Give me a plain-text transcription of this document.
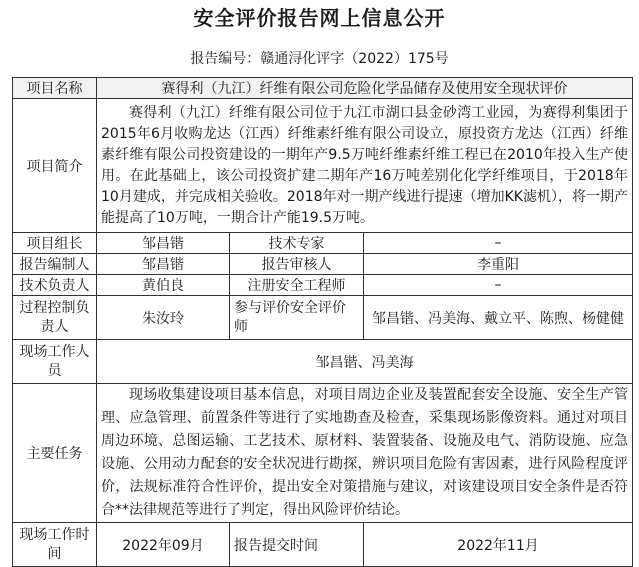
安全评价报告网上信息公开
报告编号：赣通浔化评字（2022）175号
项目名称	赛得利（九江）纤维有限公司危险化学品储存及使用安全现状评价		
项目简介	赛得利（九江）纤维有限公司位于九江市湖口县金砂湾工业园，为赛得利集团于2015年6月收购龙达（江西）纤维素纤维有限公司设立，原投资方龙达（江西）纤维素纤维有限公司投资建设的一期年产9.5万吨纤维素纤维工程已在2010年投入生产使用。在此基础上，该公司投资扩建二期年产16万吨差别化化学纤维项目，于2018年10月建成，并完成相关验收。2018年对一期产线进行提速（增加KK滤机），将一期产能提高了10万吨，一期合计产能19.5万吨。		
项目组长	邹昌锴	技术专家	–
报告编制人	邹昌锴	报告审核人	李重阳
技术负责人	黄伯良	注册安全工程师	–
过程控制负责人	朱汝玲	参与评价安全评价师	邹昌锴、冯美海、戴立平、陈煦、杨健健
现场工作人员	邹昌锴、冯美海		
主要任务	现场收集建设项目基本信息，对项目周边企业及装置配套安全设施、安全生产管理、应急管理、前置条件等进行了实地勘查及检查，采集现场影像资料。通过对项目周边环境、总图运输、工艺技术、原材料、装置装备、设施及电气、消防设施、应急设施、公用动力配套的安全状况进行勘探，辨识项目危险有害因素，进行风险程度评价，法规标准符合性评价，提出安全对策措施与建议，对该建设项目安全条件是否符合**法律规范等进行了判定，得出风险评价结论。		
现场工作时间	2022年09月	报告提交时间	2022年11月
